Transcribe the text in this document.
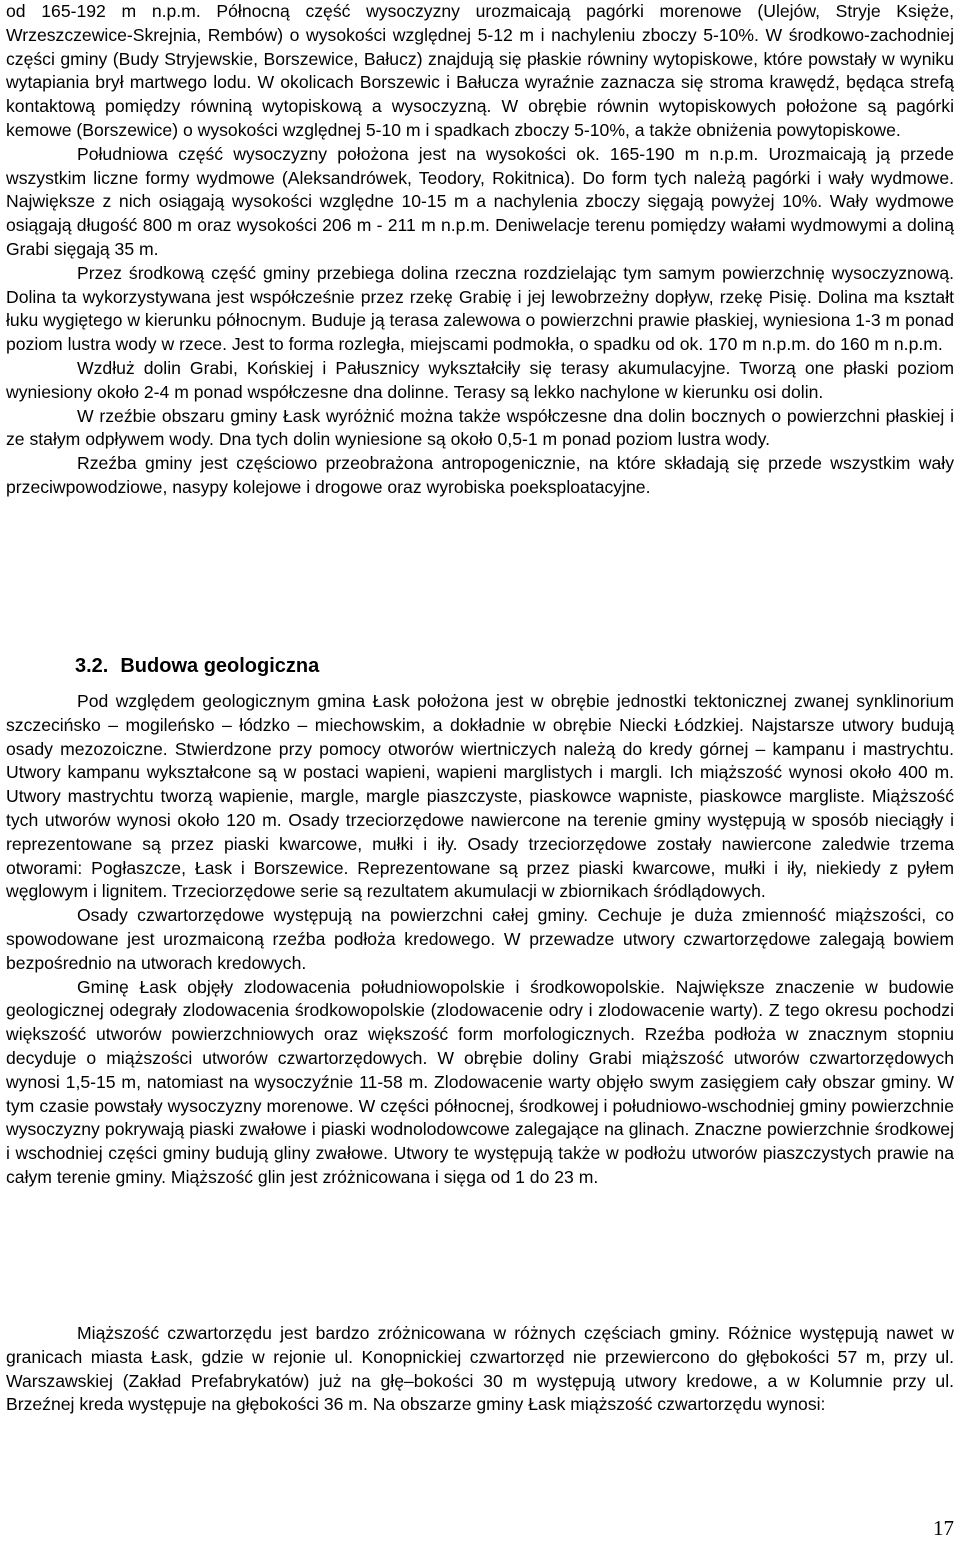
od 165-192 m n.p.m. Północną część wysoczyzny urozmaicają pagórki morenowe (Ulejów, Stryje Księże, Wrzeszczewice-Skrejnia, Rembów) o wysokości względnej 5-12 m i nachyleniu zboczy 5-10%. W środkowo-zachodniej części gminy (Budy Stryjewskie, Borszewice, Bałucz) znajdują się płaskie równiny wytopiskowe, które powstały w wyniku wytapiania brył martwego lodu. W okolicach Borszewic i Bałucza wyraźnie zaznacza się stroma krawędź, będąca strefą kontaktową pomiędzy równiną wytopiskową a wysoczyzną. W obrębie równin wytopiskowych położone są pagórki kemowe (Borszewice) o wysokości względnej 5-10 m i spadkach zboczy 5-10%, a także obniżenia powytopiskowe.

Południowa część wysoczyzny położona jest na wysokości ok. 165-190 m n.p.m. Urozmaicają ją przede wszystkim liczne formy wydmowe (Aleksandrówek, Teodory, Rokitnica). Do form tych należą pagórki i wały wydmowe. Największe z nich osiągają wysokości względne 10-15 m a nachylenia zboczy sięgają powyżej 10%. Wały wydmowe osiągają długość 800 m oraz wysokości 206 m - 211 m n.p.m. Deniwelacje terenu pomiędzy wałami wydmowymi a doliną Grabi sięgają 35 m.

Przez środkową część gminy przebiega dolina rzeczna rozdzielając tym samym powierzchnię wysoczyznową. Dolina ta wykorzystywana jest współcześnie przez rzekę Grabię i jej lewobrzeżny dopływ, rzekę Pisię. Dolina ma kształt łuku wygiętego w kierunku północnym. Buduje ją terasa zalewowa o powierzchni prawie płaskiej, wyniesiona 1-3 m ponad poziom lustra wody w rzece. Jest to forma rozległa, miejscami podmokła, o spadku od ok. 170 m n.p.m. do 160 m n.p.m.

Wzdłuż dolin Grabi, Końskiej i Pałusznicy wykształciły się terasy akumulacyjne. Tworzą one płaski poziom wyniesiony około 2-4 m ponad współczesne dna dolinne. Terasy są lekko nachylone w kierunku osi dolin.

W rzeźbie obszaru gminy Łask wyróżnić można także współczesne dna dolin bocznych o powierzchni płaskiej i ze stałym odpływem wody. Dna tych dolin wyniesione są około 0,5-1 m ponad poziom lustra wody.

Rzeźba gminy jest częściowo przeobrażona antropogenicznie, na które składają się przede wszystkim wały przeciwpowodziowe, nasypy kolejowe i drogowe oraz wyrobiska poeksploatacyjne.

3.2. Budowa geologiczna

Pod względem geologicznym gmina Łask położona jest w obrębie jednostki tektonicznej zwanej synklinorium szczecińsko – mogileńsko – łódzko – miechowskim, a dokładnie w obrębie Niecki Łódzkiej. Najstarsze utwory budują osady mezozoiczne. Stwierdzone przy pomocy otworów wiertniczych należą do kredy górnej – kampanu i mastrychtu. Utwory kampanu wykształcone są w postaci wapieni, wapieni marglistych i margli. Ich miąższość wynosi około 400 m. Utwory mastrychtu tworzą wapienie, margle, margle piaszczyste, piaskowce wapniste, piaskowce margliste. Miąższość tych utworów wynosi około 120 m. Osady trzeciorzędowe nawiercone na terenie gminy występują w sposób nieciągły i reprezentowane są przez piaski kwarcowe, mułki i iły. Osady trzeciorzędowe zostały nawiercone zaledwie trzema otworami: Pogłaszcze, Łask i Borszewice. Reprezentowane są przez piaski kwarcowe, mułki i iły, niekiedy z pyłem węglowym i lignitem. Trzeciorzędowe serie są rezultatem akumulacji w zbiornikach śródlądowych.

Osady czwartorzędowe występują na powierzchni całej gminy. Cechuje je duża zmienność miąższości, co spowodowane jest urozmaiconą rzeźba podłoża kredowego. W przewadze utwory czwartorzędowe zalegają bowiem bezpośrednio na utworach kredowych.

Gminę Łask objęły zlodowacenia południowopolskie i środkowopolskie. Największe znaczenie w budowie geologicznej odegrały zlodowacenia środkowopolskie (zlodowacenie odry i zlodowacenie warty). Z tego okresu pochodzi większość utworów powierzchniowych oraz większość form morfologicznych. Rzeźba podłoża w znacznym stopniu decyduje o miąższości utworów czwartorzędowych. W obrębie doliny Grabi miąższość utworów czwartorzędowych wynosi 1,5-15 m, natomiast na wysoczyźnie 11-58 m. Zlodowacenie warty objęło swym zasięgiem cały obszar gminy. W tym czasie powstały wysoczyzny morenowe. W części północnej, środkowej i południowo-wschodniej gminy powierzchnie wysoczyzny pokrywają piaski zwałowe i piaski wodnolodowcowe zalegające na glinach. Znaczne powierzchnie środkowej i wschodniej części gminy budują gliny zwałowe. Utwory te występują także w podłożu utworów piaszczystych prawie na całym terenie gminy. Miąższość glin jest zróżnicowana i sięga od 1 do 23 m.

Miąższość czwartorzędu jest bardzo zróżnicowana w różnych częściach gminy. Różnice występują nawet w granicach miasta Łask, gdzie w rejonie ul. Konopnickiej czwartorzęd nie przewiercono do głębokości 57 m, przy ul. Warszawskiej (Zakład Prefabrykatów) już na głę–bokości 30 m występują utwory kredowe, a w Kolumnie przy ul. Brzeźnej kreda występuje na głębokości 36 m. Na obszarze gminy Łask miąższość czwartorzędu wynosi:

17
